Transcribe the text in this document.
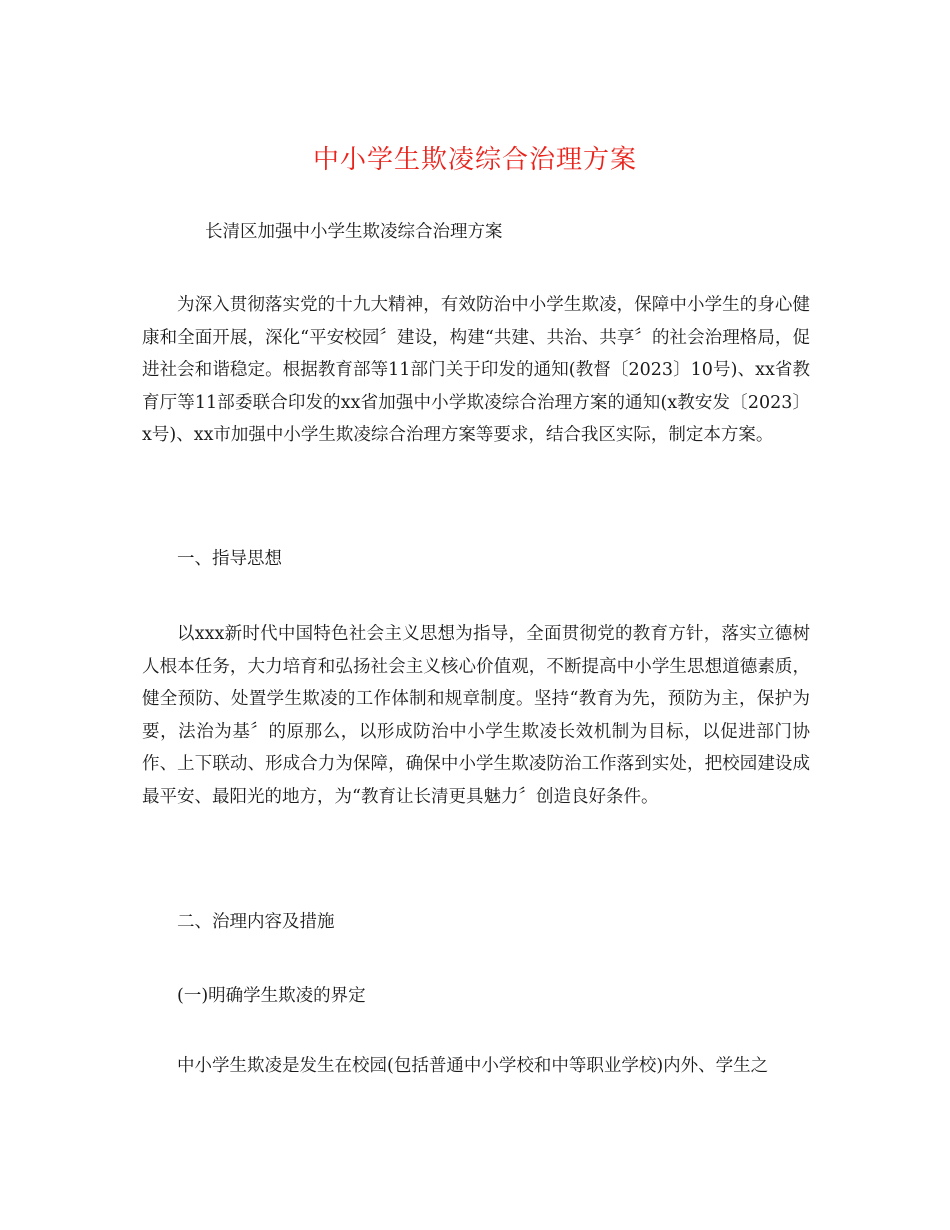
中小学生欺凌综合治理方案
长清区加强中小学生欺凌综合治理方案

为深入贯彻落实党的十九大精神，有效防治中小学生欺凌，保障中小学生的身心健康和全面开展，深化“平安校园〞建设，构建“共建、共治、共享〞的社会治理格局，促进社会和谐稳定。根据教育部等11部门关于印发的通知(教督〔2023〕10号)、xx省教育厅等11部委联合印发的xx省加强中小学欺凌综合治理方案的通知(x教安发〔2023〕x号)、xx市加强中小学生欺凌综合治理方案等要求，结合我区实际，制定本方案。

一、指导思想

以xxx新时代中国特色社会主义思想为指导，全面贯彻党的教育方针，落实立德树人根本任务，大力培育和弘扬社会主义核心价值观，不断提高中小学生思想道德素质，健全预防、处置学生欺凌的工作体制和规章制度。坚持“教育为先，预防为主，保护为要，法治为基〞的原那么，以形成防治中小学生欺凌长效机制为目标，以促进部门协作、上下联动、形成合力为保障，确保中小学生欺凌防治工作落到实处，把校园建设成最平安、最阳光的地方，为“教育让长清更具魅力〞创造良好条件。

二、治理内容及措施
(一)明确学生欺凌的界定
中小学生欺凌是发生在校园(包括普通中小学校和中等职业学校)内外、学生之
